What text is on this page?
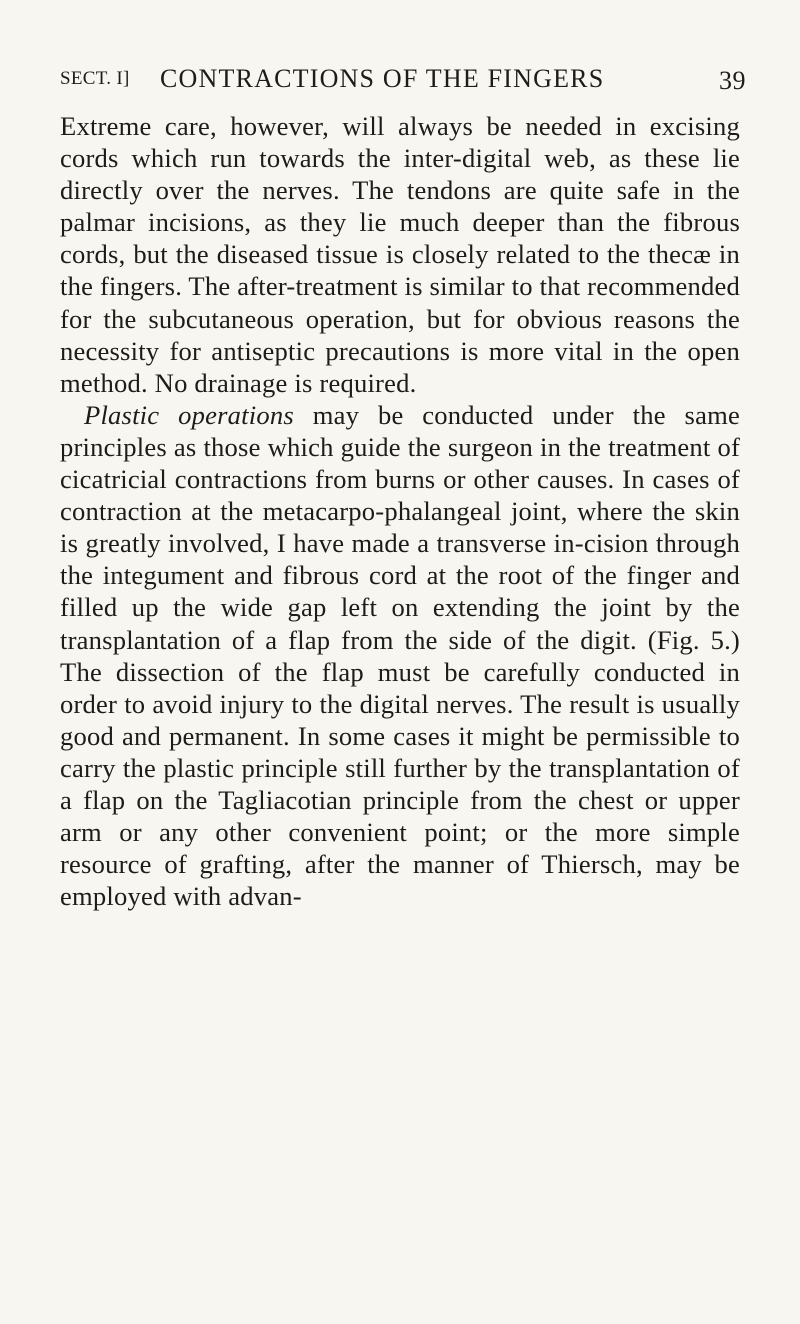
SECT. I] CONTRACTIONS OF THE FINGERS	39

Extreme care, however, will always be needed in excising cords which run towards the inter-digital web, as these lie directly over the nerves. The tendons are quite safe in the palmar incisions, as they lie much deeper than the fibrous cords, but the diseased tissue is closely related to the thecæ in the fingers. The after-treatment is similar to that recommended for the subcutaneous operation, but for obvious reasons the necessity for antiseptic precautions is more vital in the open method. No drainage is required.

Plastic operations may be conducted under the same principles as those which guide the surgeon in the treatment of cicatricial contractions from burns or other causes. In cases of contraction at the metacarpo-phalangeal joint, where the skin is greatly involved, I have made a transverse in-cision through the integument and fibrous cord at the root of the finger and filled up the wide gap left on extending the joint by the transplantation of a flap from the side of the digit. (Fig. 5.) The dissection of the flap must be carefully conducted in order to avoid injury to the digital nerves. The result is usually good and permanent. In some cases it might be permissible to carry the plastic principle still further by the transplantation of a flap on the Tagliacotian principle from the chest or upper arm or any other convenient point; or the more simple resource of grafting, after the manner of Thiersch, may be employed with advan-
